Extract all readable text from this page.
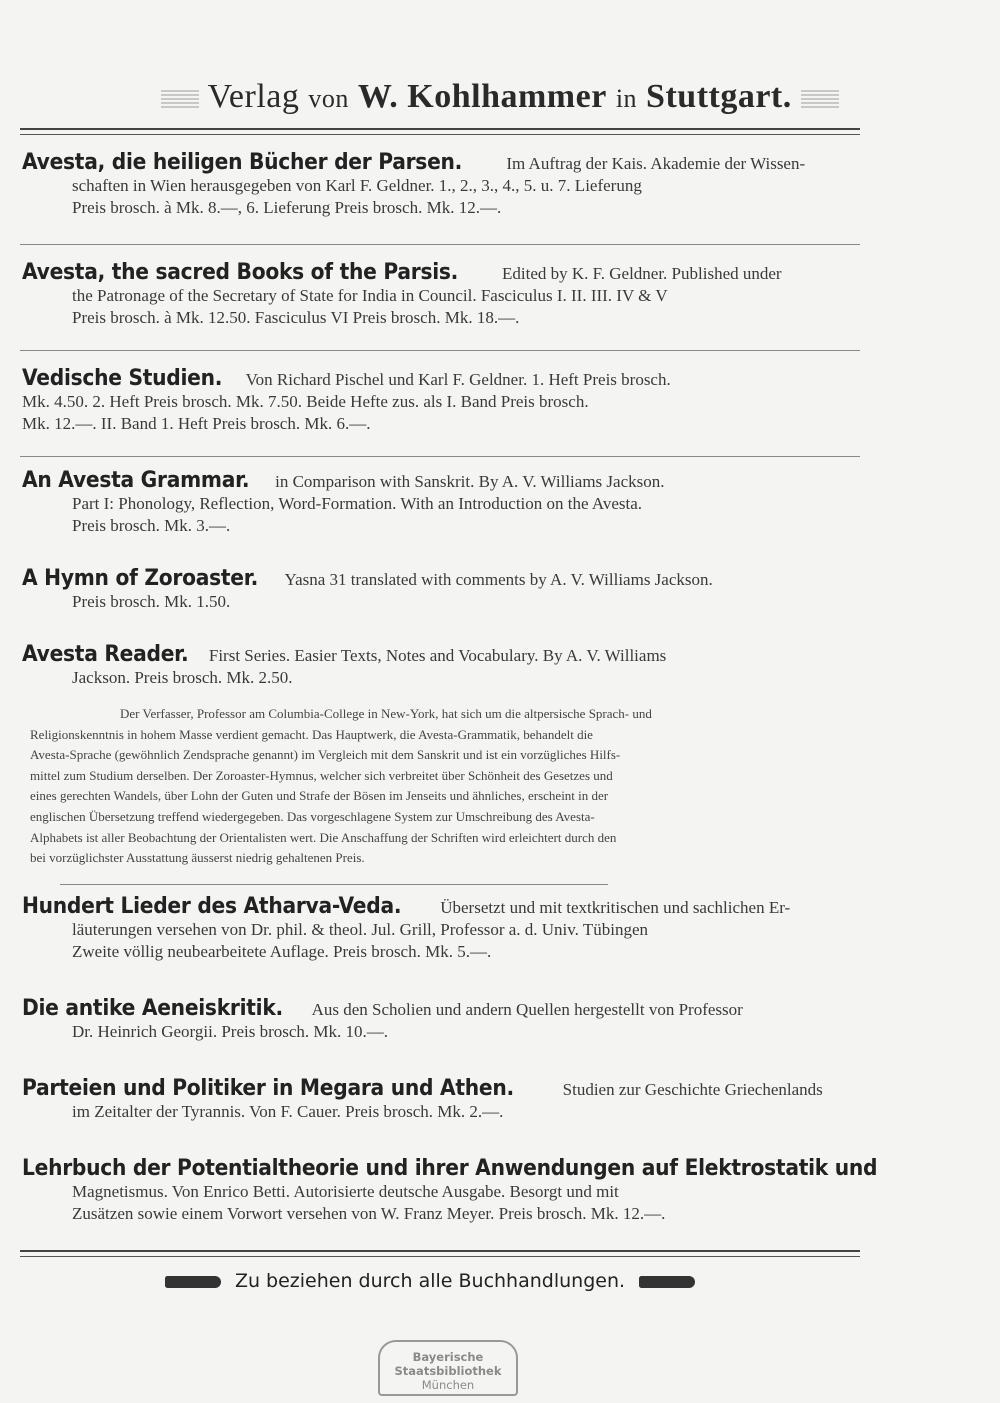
Verlag von W. Kohlhammer in Stuttgart.
Avesta, die heiligen Bücher der Parsen.	Im Auftrag der Kais. Akademie der Wissen-
schaften in Wien herausgegeben von Karl F. Geldner. 1., 2., 3., 4., 5. u. 7. Lieferung
Preis brosch. à Mk. 8.—, 6. Lieferung Preis brosch. Mk. 12.—.
Avesta, the sacred Books of the Parsis.	Edited by K. F. Geldner. Published under
the Patronage of the Secretary of State for India in Council. Fasciculus I. II. III. IV & V
Preis brosch. à Mk. 12.50. Fasciculus VI Preis brosch. Mk. 18.—.
Vedische Studien. Von Richard Pischel und Karl F. Geldner. 1. Heft Preis brosch.
Mk. 4.50. 2. Heft Preis brosch. Mk. 7.50. Beide Hefte zus. als I. Band Preis brosch.
Mk. 12.—. II. Band 1. Heft Preis brosch. Mk. 6.—.
An Avesta Grammar. in Comparison with Sanskrit. By A. V. Williams Jackson.
Part I: Phonology, Reflection, Word-Formation. With an Introduction on the Avesta.
Preis brosch. Mk. 3.—.
A Hymn of Zoroaster. Yasna 31 translated with comments by A. V. Williams Jackson.
Preis brosch. Mk. 1.50.
Avesta Reader. First Series. Easier Texts, Notes and Vocabulary. By A. V. Williams
Jackson. Preis brosch. Mk. 2.50.
Der Verfasser, Professor am Columbia-College in New-York, hat sich um die altpersische Sprach- und
Religionskenntnis in hohem Masse verdient gemacht. Das Hauptwerk, die Avesta-Grammatik, behandelt die
Avesta-Sprache (gewöhnlich Zendsprache genannt) im Vergleich mit dem Sanskrit und ist ein vorzügliches Hilfs-
mittel zum Studium derselben. Der Zoroaster-Hymnus, welcher sich verbreitet über Schönheit des Gesetzes und
eines gerechten Wandels, über Lohn der Guten und Strafe der Bösen im Jenseits und ähnliches, erscheint in der
englischen Übersetzung treffend wiedergegeben. Das vorgeschlagene System zur Umschreibung des Avesta-
Alphabets ist aller Beobachtung der Orientalisten wert. Die Anschaffung der Schriften wird erleichtert durch den
bei vorzüglichster Ausstattung äusserst niedrig gehaltenen Preis.
Hundert Lieder des Atharva-Veda. Übersetzt und mit textkritischen und sachlichen Er-
läuterungen versehen von Dr. phil. & theol. Jul. Grill, Professor a. d. Univ. Tübingen
Zweite völlig neubearbeitete Auflage. Preis brosch. Mk. 5.—.
Die antike Aeneiskritik. Aus den Scholien und andern Quellen hergestellt von Professor
Dr. Heinrich Georgii. Preis brosch. Mk. 10.—.
Parteien und Politiker in Megara und Athen.	Studien zur Geschichte Griechenlands
im Zeitalter der Tyrannis. Von F. Cauer. Preis brosch. Mk. 2.—.
Lehrbuch der Potentialtheorie und ihrer Anwendungen auf Elektrostatik und
Magnetismus. Von Enrico Betti. Autorisierte deutsche Ausgabe. Besorgt und mit
Zusätzen sowie einem Vorwort versehen von W. Franz Meyer. Preis brosch. Mk. 12.—.
Zu beziehen durch alle Buchhandlungen.
Bayerische
Staatsbibliothek
München
